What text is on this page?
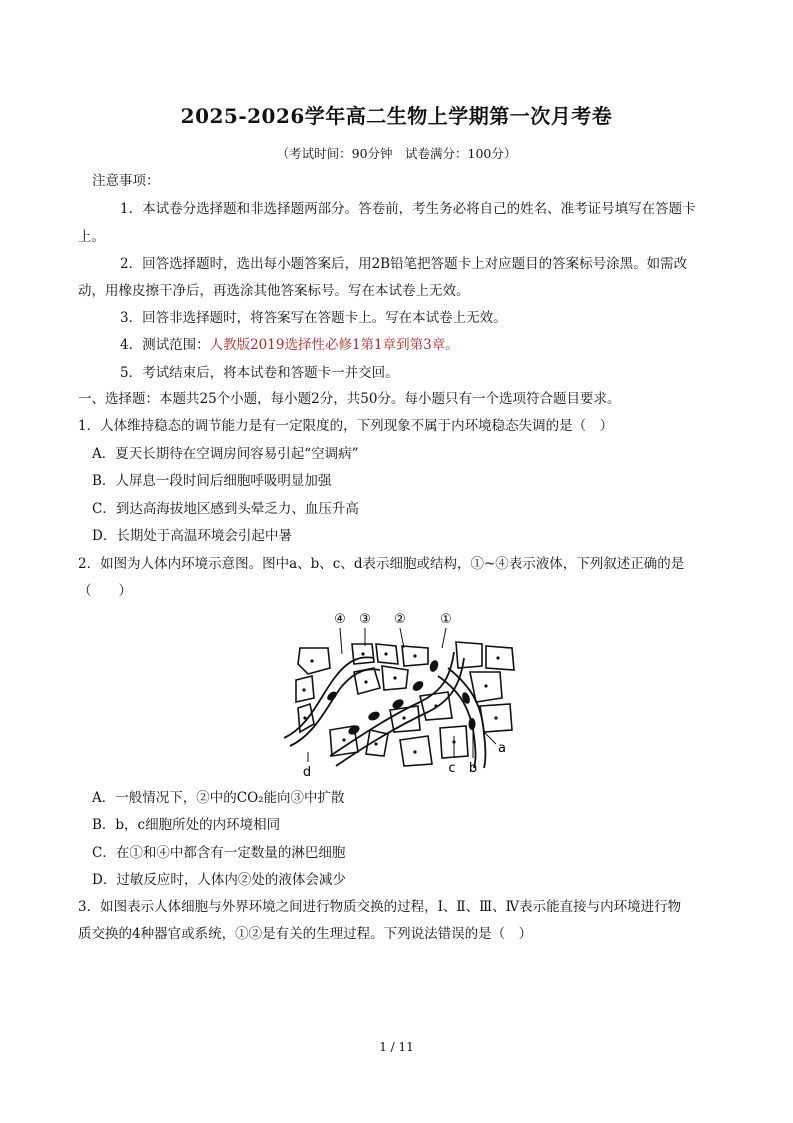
2025-2026学年高二生物上学期第一次月考卷
（考试时间：90分钟　试卷满分：100分）
注意事项：
1．本试卷分选择题和非选择题两部分。答卷前，考生务必将自己的姓名、准考证号填写在答题卡
上。
2．回答选择题时，选出每小题答案后，用2B铅笔把答题卡上对应题目的答案标号涂黑。如需改
动，用橡皮擦干净后，再选涂其他答案标号。写在本试卷上无效。
3．回答非选择题时，将答案写在答题卡上。写在本试卷上无效。
4．测试范围：人教版2019选择性必修1第1章到第3章。
5．考试结束后，将本试卷和答题卡一并交回。
一、选择题：本题共25个小题，每小题2分，共50分。每小题只有一个选项符合题目要求。
1．人体维持稳态的调节能力是有一定限度的，下列现象不属于内环境稳态失调的是（　）
A．夏天长期待在空调房间容易引起“空调病”
B．人屏息一段时间后细胞呼吸明显加强
C．到达高海拔地区感到头晕乏力、血压升高
D．长期处于高温环境会引起中暑
2．如图为人体内环境示意图。图中a、b、c、d表示细胞或结构，①~④表示液体，下列叙述正确的是
（　　）
④ ③ ②	①
d	c b
a
A．一般情况下，②中的CO₂能向③中扩散
B．b，c细胞所处的内环境相同
C．在①和④中都含有一定数量的淋巴细胞
D．过敏反应时，人体内②处的液体会减少
3．如图表示人体细胞与外界环境之间进行物质交换的过程，Ⅰ、Ⅱ、Ⅲ、Ⅳ表示能直接与内环境进行物
质交换的4种器官或系统，①②是有关的生理过程。下列说法错误的是（　）
1 / 11
